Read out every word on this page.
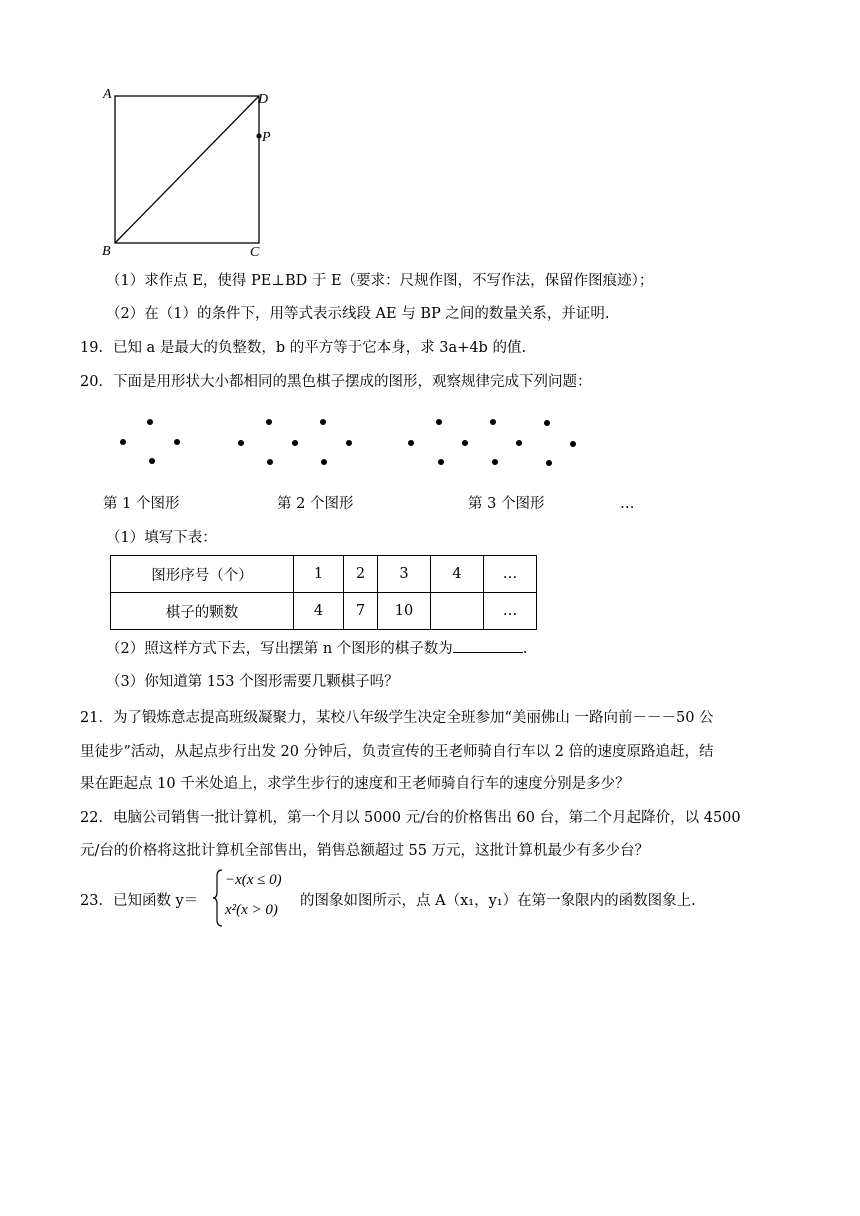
A	D
P
B	C
（1）求作点 E，使得 PE⊥BD 于 E（要求：尺规作图，不写作法，保留作图痕迹）；
（2）在（1）的条件下，用等式表示线段 AE 与 BP 之间的数量关系，并证明.
19．已知 a 是最大的负整数，b 的平方等于它本身，求 3a+4b 的值.
20．下面是用形状大小都相同的黑色棋子摆成的图形，观察规律完成下列问题：
第 1 个图形	第 2 个图形	第 3 个图形	…
（1）填写下表：
图形序号（个）	1	2	3	4	…
棋子的颗数	4	7	10		…
（2）照这样方式下去，写出摆第 n 个图形的棋子数为	.
（3）你知道第 153 个图形需要几颗棋子吗？
21．为了锻炼意志提高班级凝聚力，某校八年级学生决定全班参加“美丽佛山 一路向前－－－50 公
里徒步”活动，从起点步行出发 20 分钟后，负责宣传的王老师骑自行车以 2 倍的速度原路追赶，结
果在距起点 10 千米处追上，求学生步行的速度和王老师骑自行车的速度分别是多少？
22．电脑公司销售一批计算机，第一个月以 5000 元/台的价格售出 60 台，第二个月起降价，以 4500
元/台的价格将这批计算机全部售出，销售总额超过 55 万元，这批计算机最少有多少台？
23．已知函数 y＝
−x(x ≤ 0)
x²(x > 0)
的图象如图所示，点 A（x₁，y₁）在第一象限内的函数图象上.
